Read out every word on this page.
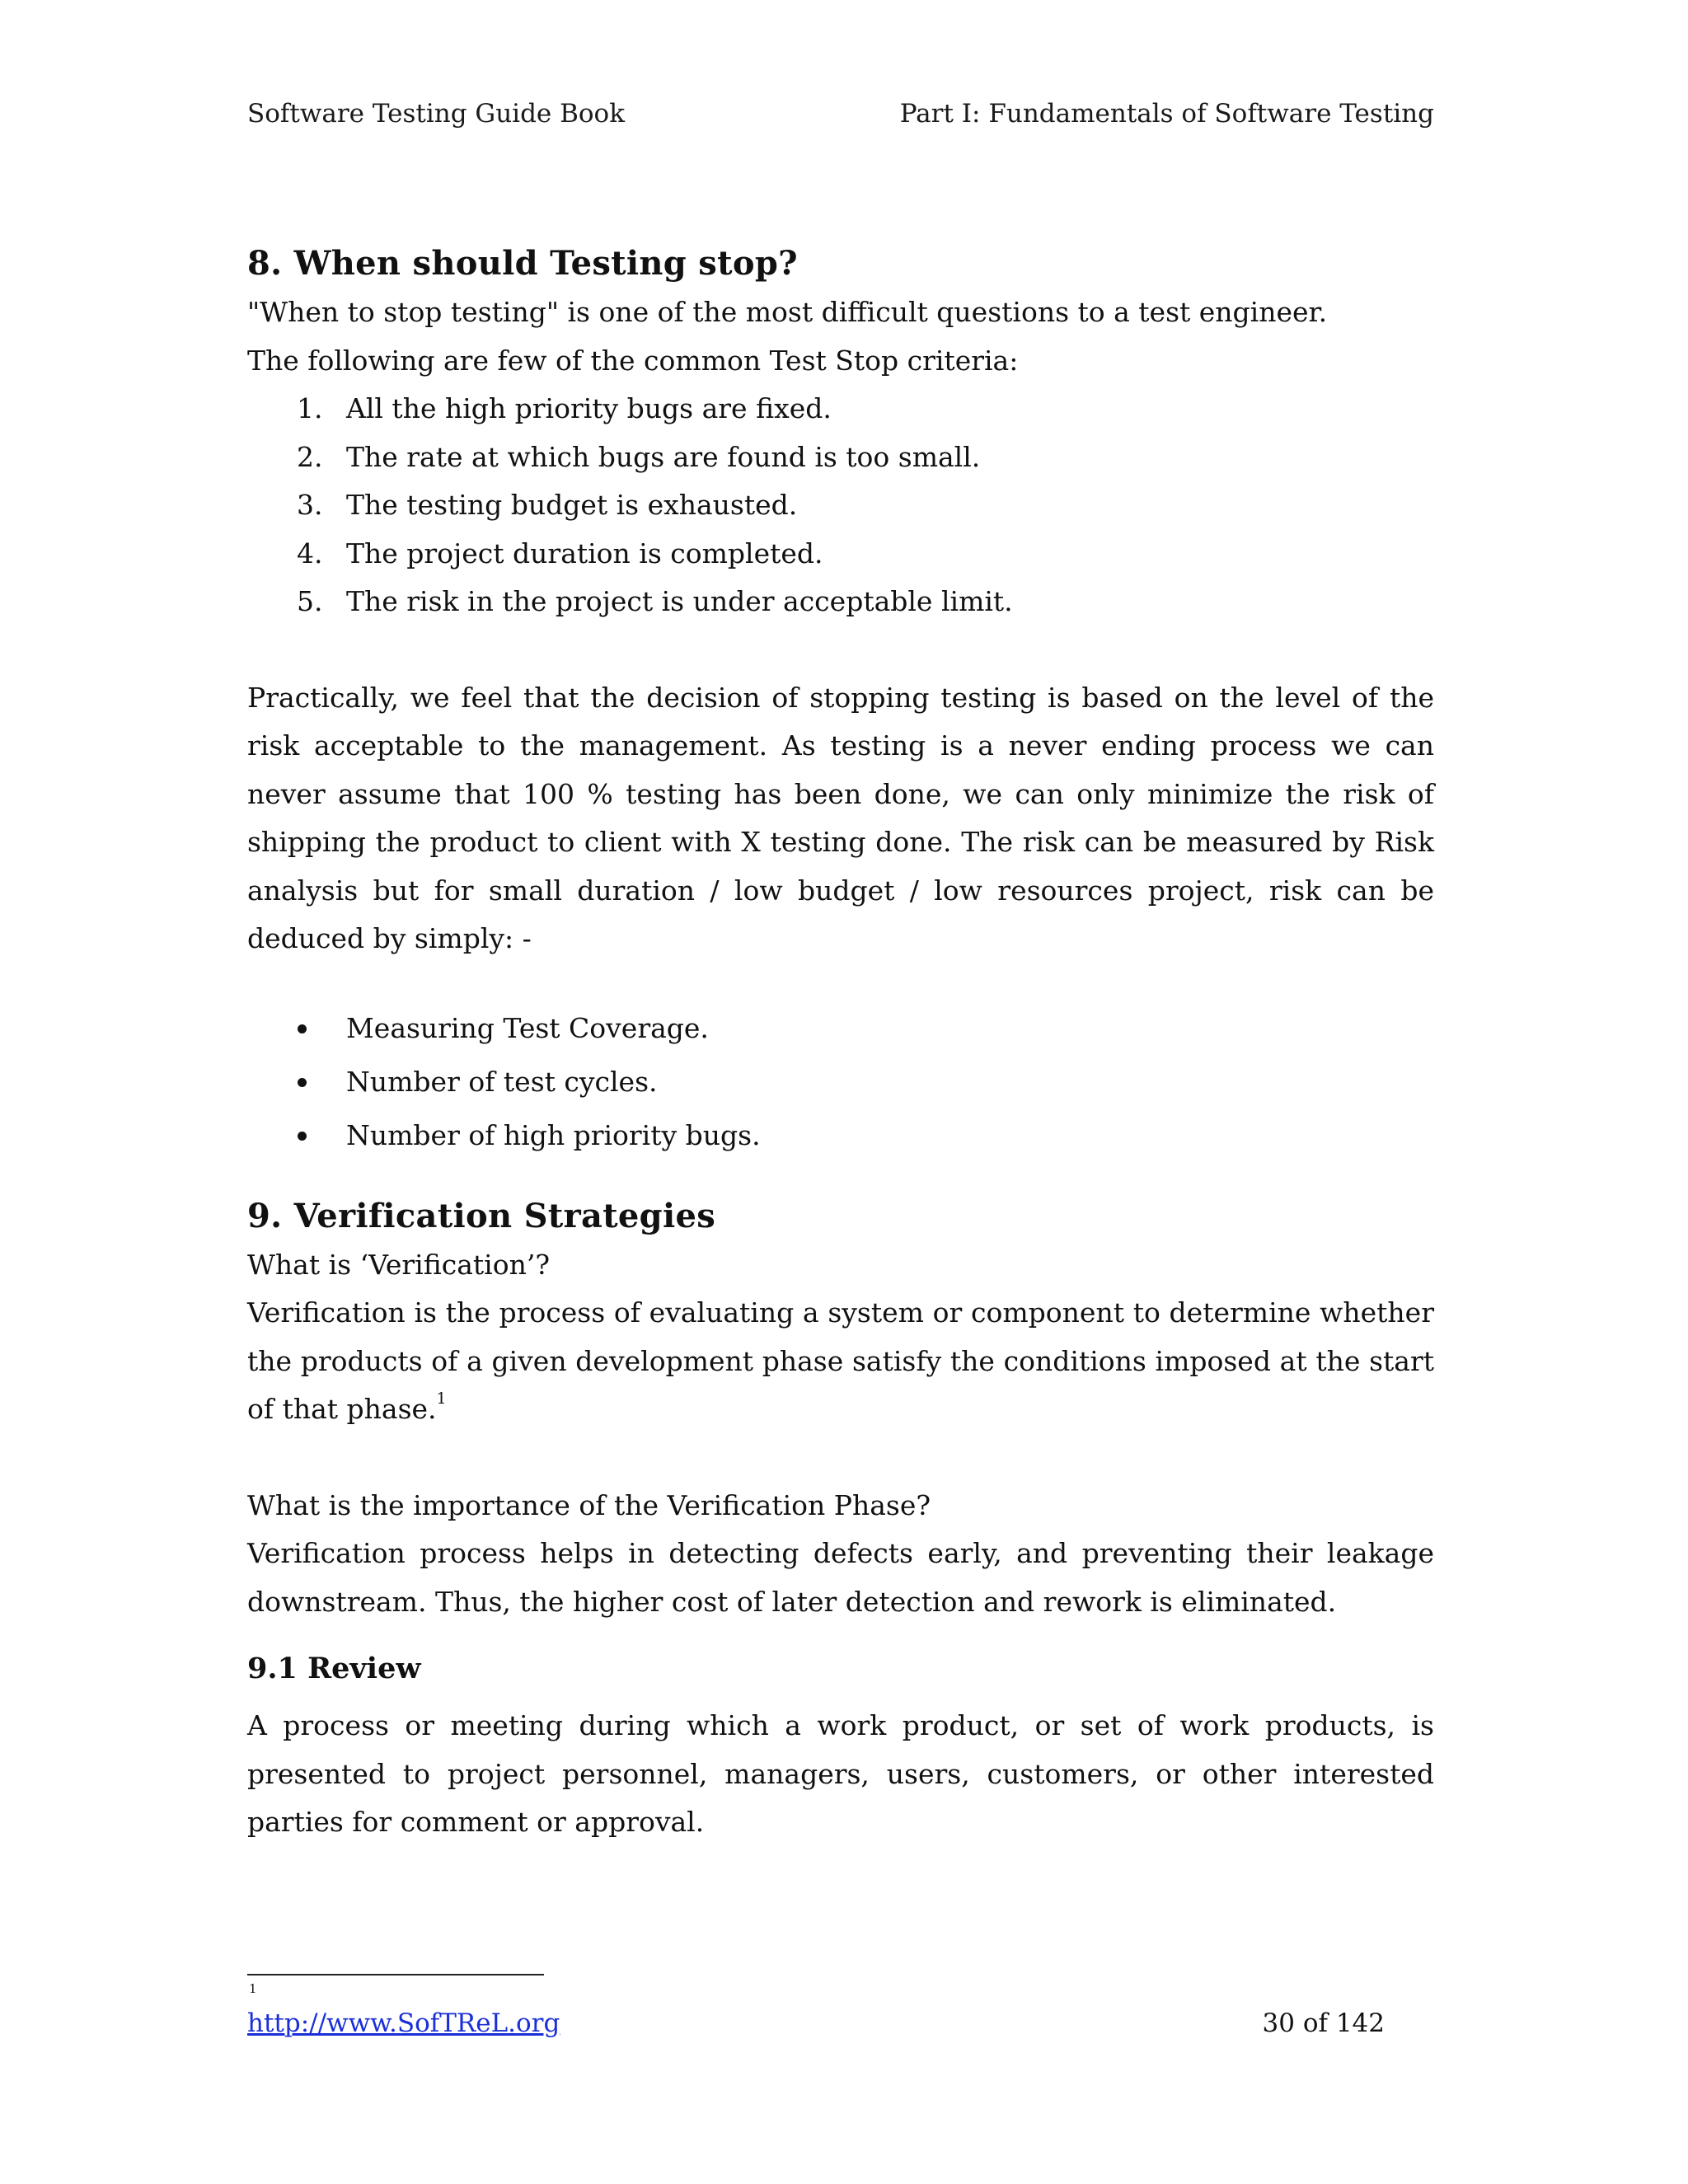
Software Testing Guide Book	Part I: Fundamentals of Software Testing
8. When should Testing stop?

"When to stop testing" is one of the most difficult questions to a test engineer.

The following are few of the common Test Stop criteria:

1. All the high priority bugs are fixed.
2. The rate at which bugs are found is too small.
3. The testing budget is exhausted.
4. The project duration is completed.
5. The risk in the project is under acceptable limit.

Practically, we feel that the decision of stopping testing is based on the level of the risk acceptable to the management. As testing is a never ending process we can never assume that 100 % testing has been done, we can only minimize the risk of shipping the product to client with X testing done. The risk can be measured by Risk analysis but for small duration / low budget / low resources project, risk can be deduced by simply: -

Measuring Test Coverage.
Number of test cycles.
Number of high priority bugs.
9. Verification Strategies

What is ‘Verification’?

Verification is the process of evaluating a system or component to determine whether the products of a given development phase satisfy the conditions imposed at the start of that phase.$^1$

What is the importance of the Verification Phase?

Verification process helps in detecting defects early, and preventing their leakage downstream. Thus, the higher cost of later detection and rework is eliminated.

9.1 Review

A process or meeting during which a work product, or set of work products, is presented to project personnel, managers, users, customers, or other interested parties for comment or approval.

1
http://www.SofTReL.org	30 of 142
